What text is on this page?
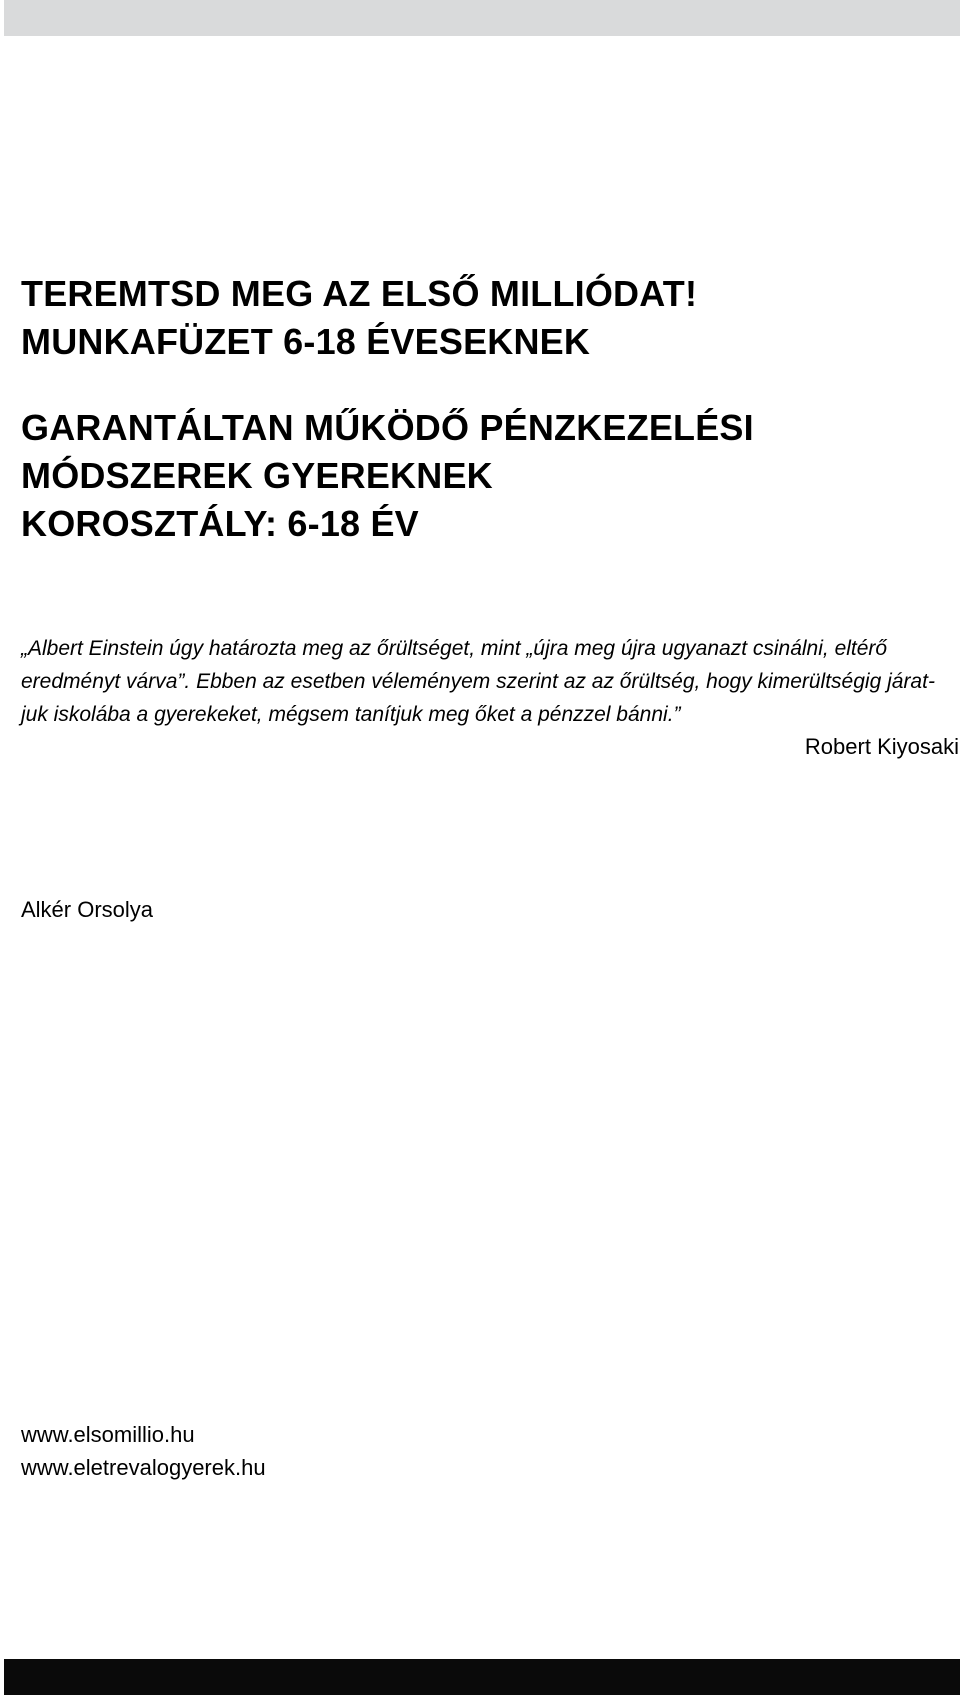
TEREMTSD MEG AZ ELSŐ MILLIÓDAT!
MUNKAFÜZET 6-18 ÉVESEKNEK
GARANTÁLTAN MŰKÖDŐ PÉNZKEZELÉSI
MÓDSZEREK GYEREKNEK
KOROSZTÁLY: 6-18 ÉV
„Albert Einstein úgy határozta meg az őrültséget, mint „újra meg újra ugyanazt csinálni, eltérő
eredményt várva”. Ebben az esetben véleményem szerint az az őrültség, hogy kimerültségig járat-
juk iskolába a gyerekeket, mégsem tanítjuk meg őket a pénzzel bánni.”
Robert Kiyosaki
Alkér Orsolya
www.elsomillio.hu
www.eletrevalogyerek.hu
